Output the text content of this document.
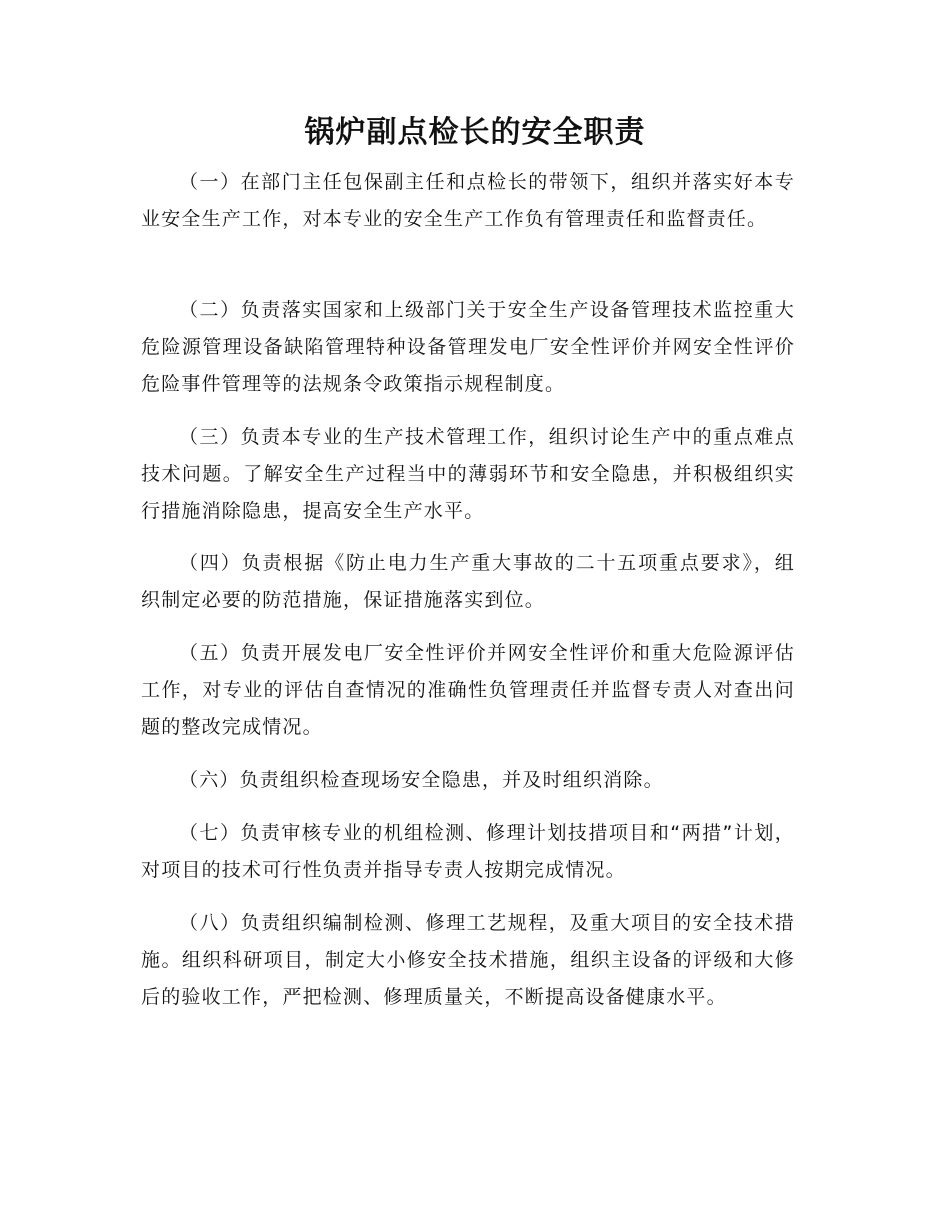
锅炉副点检长的安全职责
（一）在部门主任包保副主任和点检长的带领下，组织并落实好本专业安全生产工作，对本专业的安全生产工作负有管理责任和监督责任。
（二）负责落实国家和上级部门关于安全生产设备管理技术监控重大危险源管理设备缺陷管理特种设备管理发电厂安全性评价并网安全性评价危险事件管理等的法规条令政策指示规程制度。
（三）负责本专业的生产技术管理工作，组织讨论生产中的重点难点技术问题。了解安全生产过程当中的薄弱环节和安全隐患，并积极组织实行措施消除隐患，提高安全生产水平。
（四）负责根据《防止电力生产重大事故的二十五项重点要求》，组织制定必要的防范措施，保证措施落实到位。
（五）负责开展发电厂安全性评价并网安全性评价和重大危险源评估工作，对专业的评估自查情况的准确性负管理责任并监督专责人对查出问题的整改完成情况。
（六）负责组织检查现场安全隐患，并及时组织消除。
（七）负责审核专业的机组检测、修理计划技措项目和“两措”计划，对项目的技术可行性负责并指导专责人按期完成情况。
（八）负责组织编制检测、修理工艺规程，及重大项目的安全技术措施。组织科研项目，制定大小修安全技术措施，组织主设备的评级和大修后的验收工作，严把检测、修理质量关，不断提高设备健康水平。
